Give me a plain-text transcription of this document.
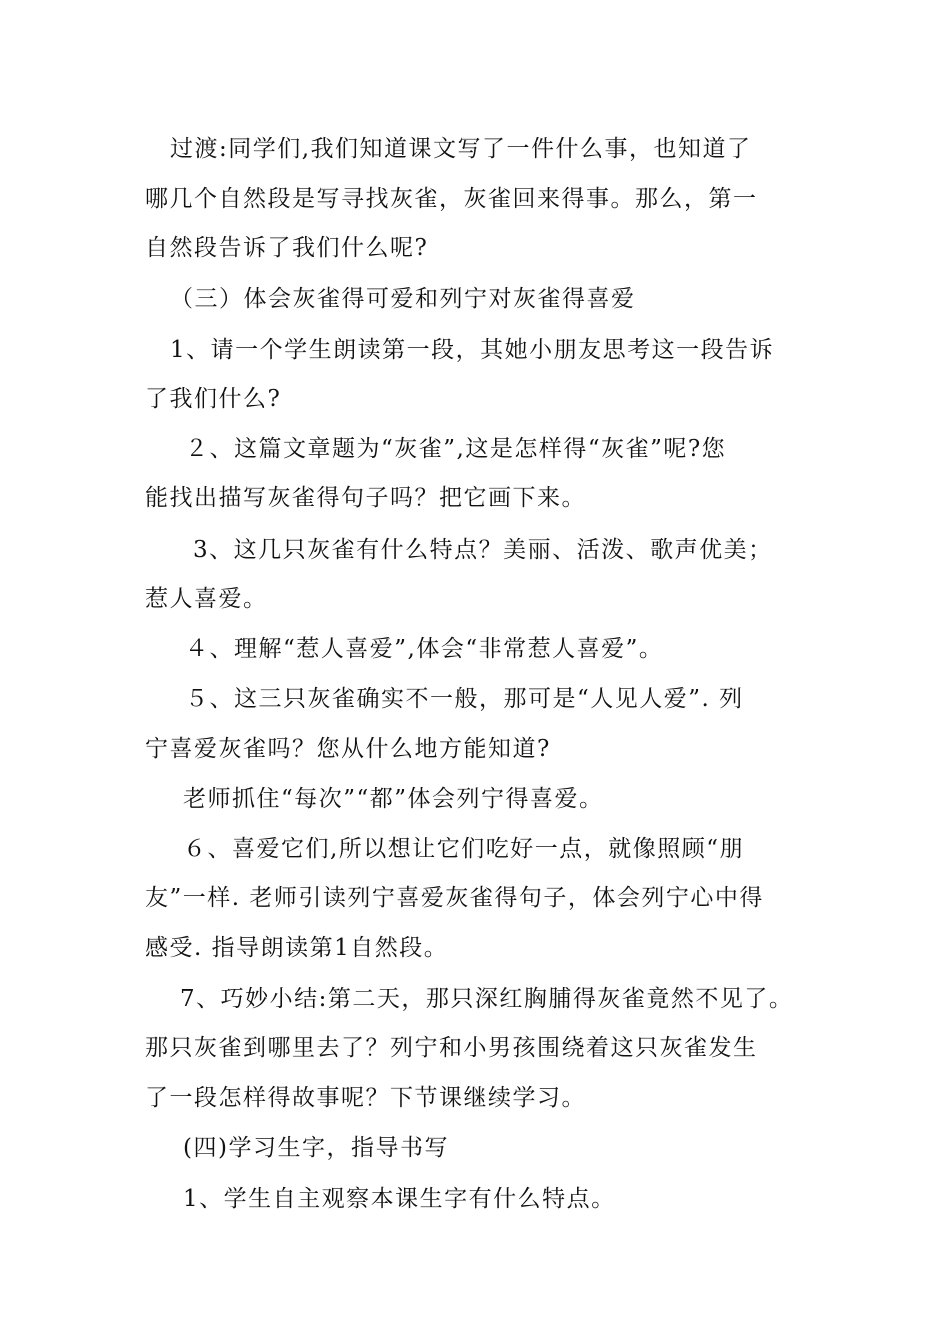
过渡:同学们,我们知道课文写了一件什么事，也知道了
哪几个自然段是写寻找灰雀，灰雀回来得事。那么，第一
自然段告诉了我们什么呢?
（三）体会灰雀得可爱和列宁对灰雀得喜爱
1、请一个学生朗读第一段，其她小朋友思考这一段告诉
了我们什么?
２、这篇文章题为“灰雀”,这是怎样得“灰雀”呢?您
能找出描写灰雀得句子吗？把它画下来。
3、这几只灰雀有什么特点？美丽、活泼、歌声优美；
惹人喜爱。
４、理解“惹人喜爱”,体会“非常惹人喜爱”。
５、这三只灰雀确实不一般，那可是“人见人爱”. 列
宁喜爱灰雀吗？您从什么地方能知道?
老师抓住“每次”“都”体会列宁得喜爱。
６、喜爱它们,所以想让它们吃好一点，就像照顾“朋
友”一样. 老师引读列宁喜爱灰雀得句子，体会列宁心中得
感受. 指导朗读第1自然段。
7、巧妙小结:第二天，那只深红胸脯得灰雀竟然不见了。
那只灰雀到哪里去了？列宁和小男孩围绕着这只灰雀发生
了一段怎样得故事呢？下节课继续学习。
(四)学习生字，指导书写
1、学生自主观察本课生字有什么特点。
